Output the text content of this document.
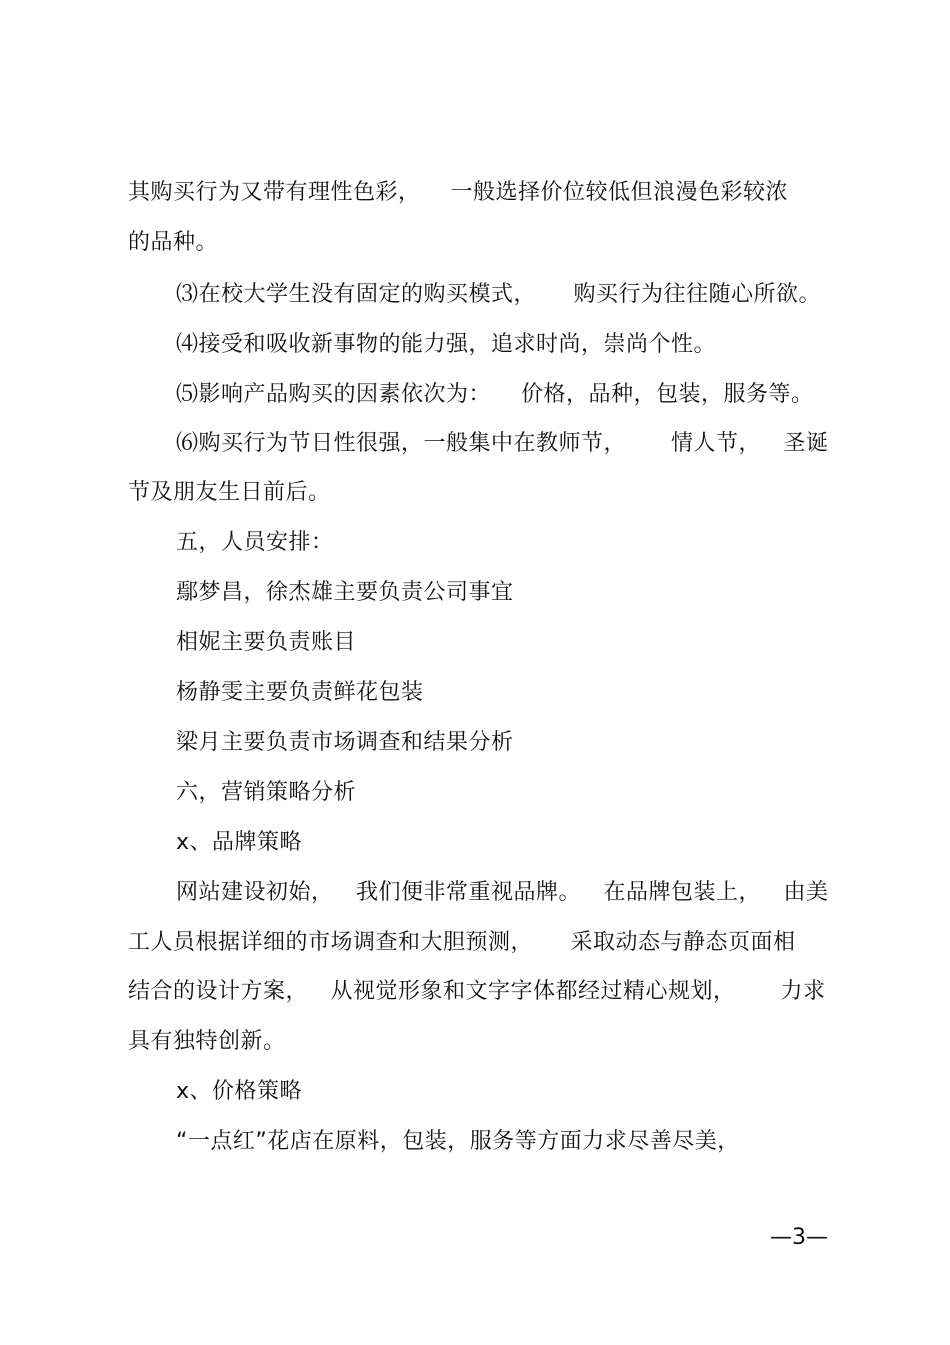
其购买行为又带有理性色彩，    一般选择价位较低但浪漫色彩较浓
的品种。
⑶在校大学生没有固定的购买模式，     购买行为往往随心所欲。
⑷接受和吸收新事物的能力强，追求时尚，崇尚个性。
⑸影响产品购买的因素依次为：    价格，品种，包装，服务等。
⑹购买行为节日性很强，一般集中在教师节，      情人节，   圣诞
节及朋友生日前后。
五，人员安排：
鄢梦昌，徐杰雄主要负责公司事宜
相妮主要负责账目
杨静雯主要负责鲜花包装
梁月主要负责市场调查和结果分析
六，营销策略分析
x、品牌策略
网站建设初始，   我们便非常重视品牌。   在品牌包装上，   由美
工人员根据详细的市场调查和大胆预测，     采取动态与静态页面相
结合的设计方案，   从视觉形象和文字字体都经过精心规划，      力求
具有独特创新。
x、价格策略
“一点红”花店在原料，包装，服务等方面力求尽善尽美，
—3—
